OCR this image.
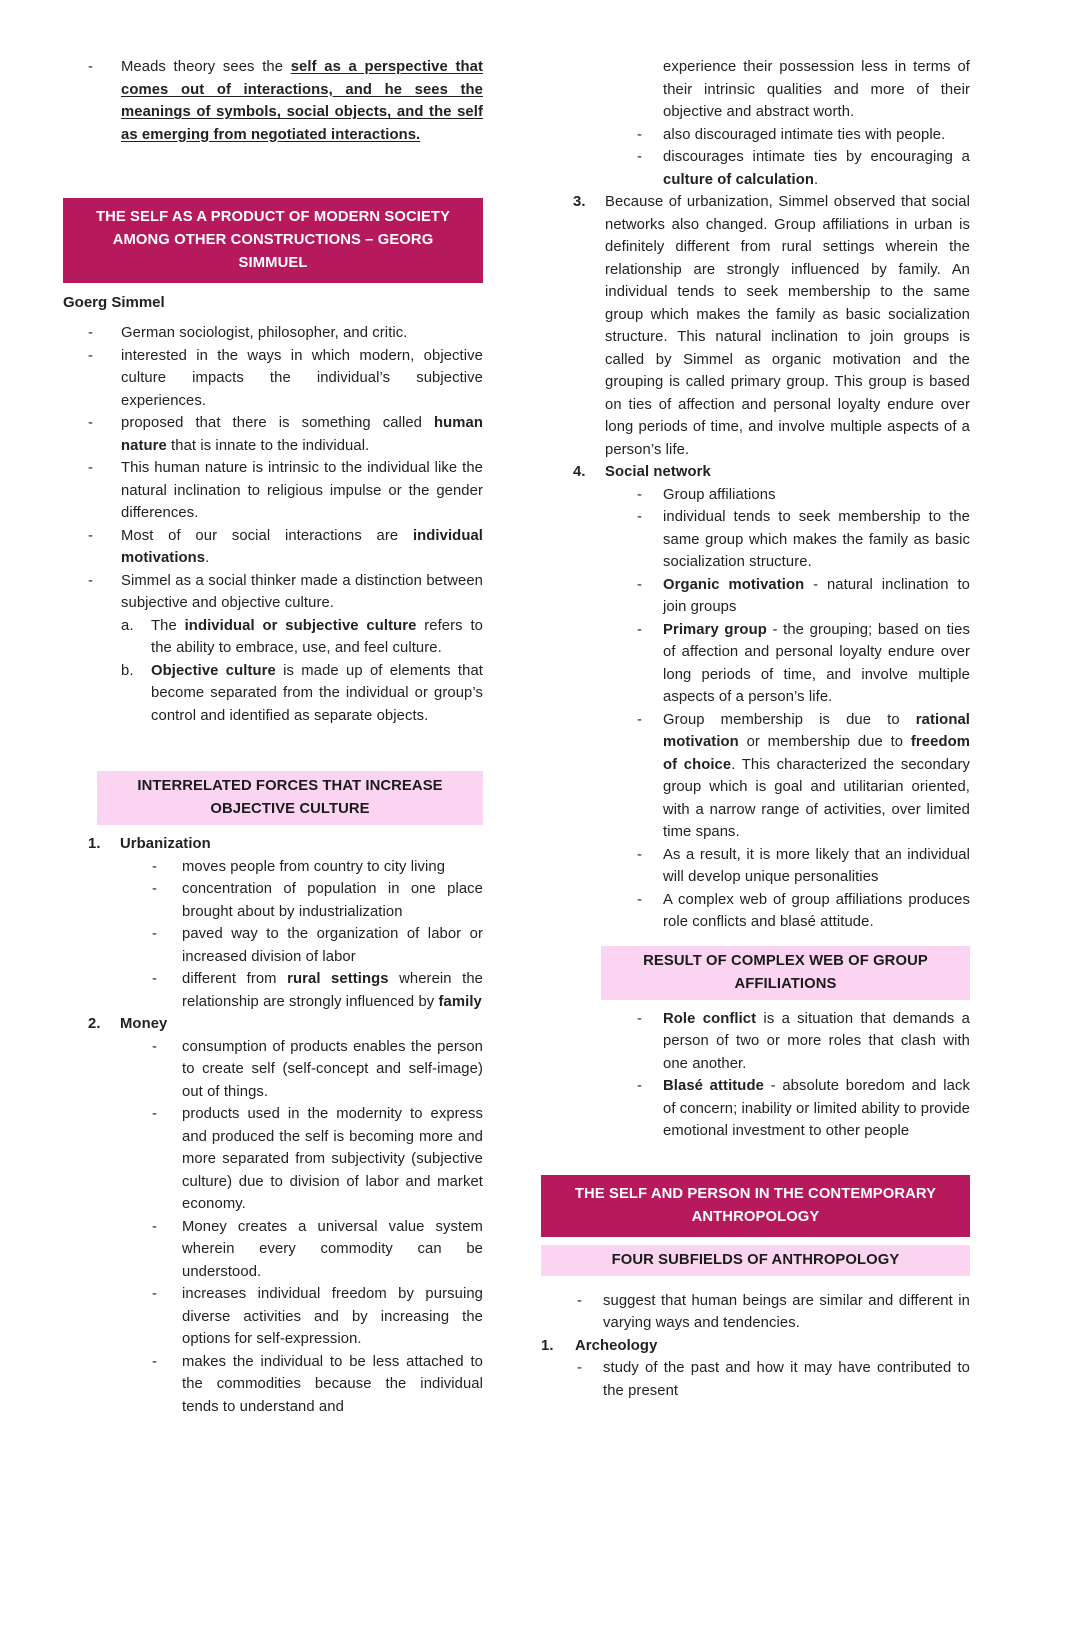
-	Meads theory sees the self as a perspective that comes out of interactions, and he sees the meanings of symbols, social objects, and the self as emerging from negotiated interactions.
THE SELF AS A PRODUCT OF MODERN SOCIETY AMONG OTHER CONSTRUCTIONS – GEORG SIMMUEL
Goerg Simmel
-	German sociologist, philosopher, and critic.
-	interested in the ways in which modern, objective culture impacts the individual’s subjective experiences.
-	proposed that there is something called human nature that is innate to the individual.
-	This human nature is intrinsic to the individual like the natural inclination to religious impulse or the gender differences.
-	Most of our social interactions are individual motivations.
-	Simmel as a social thinker made a distinction between subjective and objective culture.
a.	The individual or subjective culture refers to the ability to embrace, use, and feel culture.
b.	Objective culture is made up of elements that become separated from the individual or group’s control and identified as separate objects.
INTERRELATED FORCES THAT INCREASE OBJECTIVE CULTURE
1.	Urbanization
-	moves people from country to city living
-	concentration of population in one place brought about by industrialization
-	paved way to the organization of labor or increased division of labor
-	different from rural settings wherein the relationship are strongly influenced by family
2.	Money
-	consumption of products enables the person to create self (self-concept and self-image) out of things.
-	products used in the modernity to express and produced the self is becoming more and more separated from subjectivity (subjective culture) due to division of labor and market economy.
-	Money creates a universal value system wherein every commodity can be understood.
-	increases individual freedom by pursuing diverse activities and by increasing the options for self-expression.
-	makes the individual to be less attached to the commodities because the individual tends to understand and
experience their possession less in terms of their intrinsic qualities and more of their objective and abstract worth.
-	also discouraged intimate ties with people.
-	discourages intimate ties by encouraging a culture of calculation.
3.	Because of urbanization, Simmel observed that social networks also changed. Group affiliations in urban is definitely different from rural settings wherein the relationship are strongly influenced by family. An individual tends to seek membership to the same group which makes the family as basic socialization structure. This natural inclination to join groups is called by Simmel as organic motivation and the grouping is called primary group. This group is based on ties of affection and personal loyalty endure over long periods of time, and involve multiple aspects of a person’s life.
4.	Social network
-	Group affiliations
-	individual tends to seek membership to the same group which makes the family as basic socialization structure.
-	Organic motivation - natural inclination to join groups
-	Primary group - the grouping; based on ties of affection and personal loyalty endure over long periods of time, and involve multiple aspects of a person’s life.
-	Group membership is due to rational motivation or membership due to freedom of choice. This characterized the secondary group which is goal and utilitarian oriented, with a narrow range of activities, over limited time spans.
-	As a result, it is more likely that an individual will develop unique personalities
-	A complex web of group affiliations produces role conflicts and blasé attitude.
RESULT OF COMPLEX WEB OF GROUP AFFILIATIONS
-	Role conflict is a situation that demands a person of two or more roles that clash with one another.
-	Blasé attitude - absolute boredom and lack of concern; inability or limited ability to provide emotional investment to other people
THE SELF AND PERSON IN THE CONTEMPORARY ANTHROPOLOGY
FOUR SUBFIELDS OF ANTHROPOLOGY
-	suggest that human beings are similar and different in varying ways and tendencies.
1.	Archeology
-	study of the past and how it may have contributed to the present
